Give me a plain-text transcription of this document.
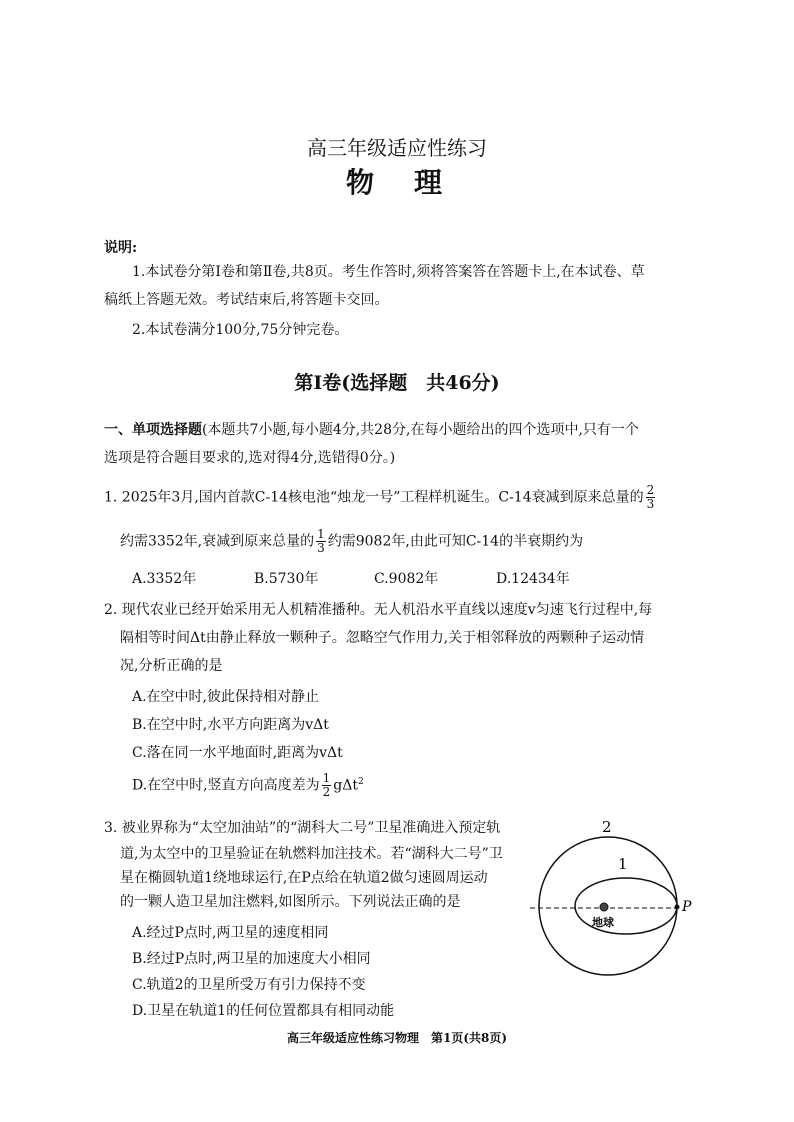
高三年级适应性练习
物　理
说明:
1.本试卷分第Ⅰ卷和第Ⅱ卷,共8页。考生作答时,须将答案答在答题卡上,在本试卷、草
稿纸上答题无效。考试结束后,将答题卡交回。
2.本试卷满分100分,75分钟完卷。
第Ⅰ卷(选择题　共46分)
一、单项选择题(本题共7小题,每小题4分,共28分,在每小题给出的四个选项中,只有一个
选项是符合题目要求的,选对得4分,选错得0分。)
1. 2025年3月,国内首款C-14核电池“烛龙一号”工程样机诞生。C-14衰减到原来总量的 $\frac{2}{3}$
约需3352年,衰减到原来总量的 $\frac{1}{3}$ 约需9082年,由此可知C-14的半衰期约为
A.3352年	B.5730年	C.9082年	D.12434年
2. 现代农业已经开始采用无人机精准播种。无人机沿水平直线以速度v匀速飞行过程中,每
隔相等时间Δt由静止释放一颗种子。忽略空气作用力,关于相邻释放的两颗种子运动情
况,分析正确的是
A.在空中时,彼此保持相对静止
B.在空中时,水平方向距离为vΔt
C.落在同一水平地面时,距离为vΔt
D.在空中时,竖直方向高度差为 $\frac{1}{2} g\Delta t^2$
3. 被业界称为“太空加油站”的“湖科大二号”卫星准确进入预定轨
道,为太空中的卫星验证在轨燃料加注技术。若“湖科大二号”卫
星在椭圆轨道1绕地球运行,在P点给在轨道2做匀速圆周运动
的一颗人造卫星加注燃料,如图所示。下列说法正确的是
A.经过P点时,两卫星的速度相同
B.经过P点时,两卫星的加速度大小相同
C.轨道2的卫星所受万有引力保持不变
D.卫星在轨道1的任何位置都具有相同动能
2
1
地球
P
高三年级适应性练习物理　第1页(共8页)
